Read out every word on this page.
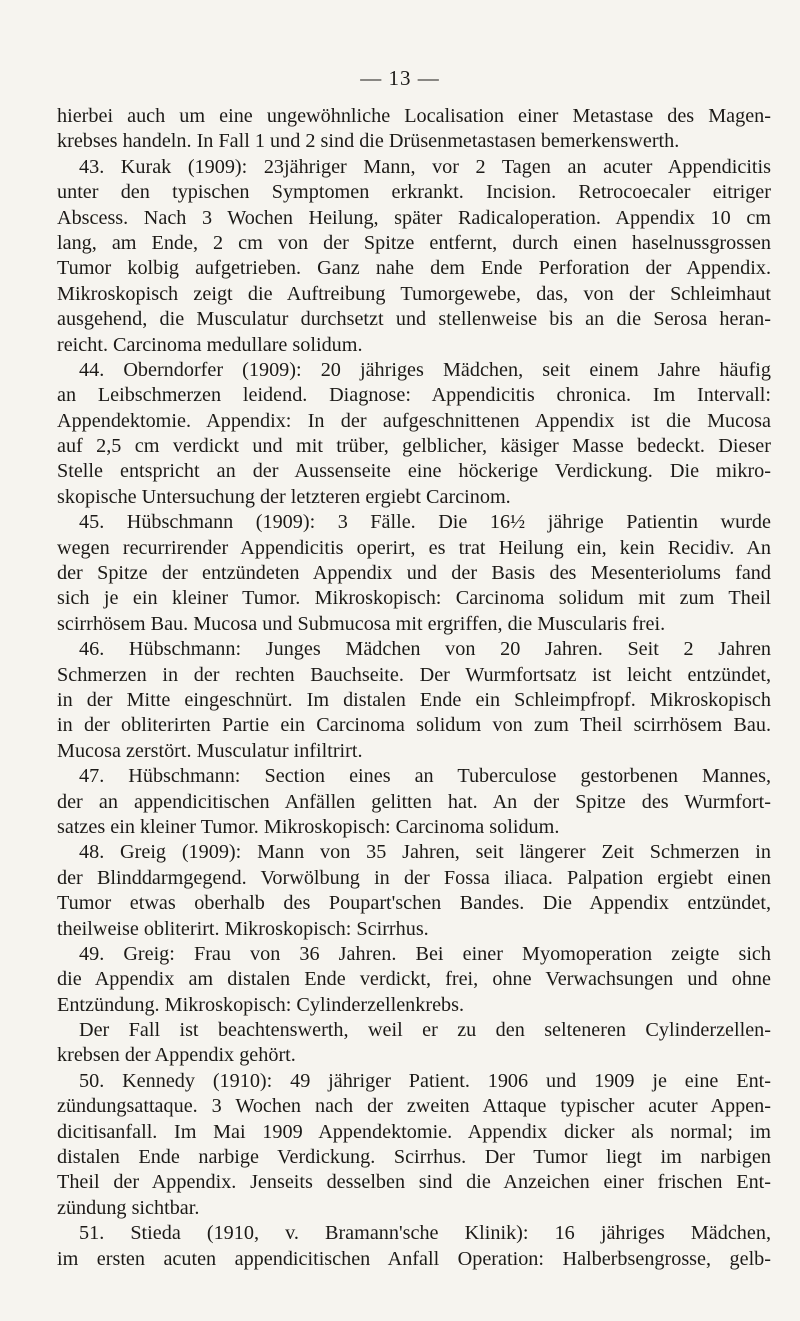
— 13 —
hierbei auch um eine ungewöhnliche Localisation einer Metastase des Magen-
krebses handeln. In Fall 1 und 2 sind die Drüsenmetastasen bemerkenswerth.
43. Kurak (1909): 23jähriger Mann, vor 2 Tagen an acuter Appendicitis
unter den typischen Symptomen erkrankt. Incision. Retrocoecaler eitriger
Abscess. Nach 3 Wochen Heilung, später Radicaloperation. Appendix 10 cm
lang, am Ende, 2 cm von der Spitze entfernt, durch einen haselnussgrossen
Tumor kolbig aufgetrieben. Ganz nahe dem Ende Perforation der Appendix.
Mikroskopisch zeigt die Auftreibung Tumorgewebe, das, von der Schleimhaut
ausgehend, die Musculatur durchsetzt und stellenweise bis an die Serosa heran-
reicht. Carcinoma medullare solidum.
44. Oberndorfer (1909): 20 jähriges Mädchen, seit einem Jahre häufig
an Leibschmerzen leidend. Diagnose: Appendicitis chronica. Im Intervall:
Appendektomie. Appendix: In der aufgeschnittenen Appendix ist die Mucosa
auf 2,5 cm verdickt und mit trüber, gelblicher, käsiger Masse bedeckt. Dieser
Stelle entspricht an der Aussenseite eine höckerige Verdickung. Die mikro-
skopische Untersuchung der letzteren ergiebt Carcinom.
45. Hübschmann (1909): 3 Fälle. Die 16½ jährige Patientin wurde
wegen recurrirender Appendicitis operirt, es trat Heilung ein, kein Recidiv. An
der Spitze der entzündeten Appendix und der Basis des Mesenteriolums fand
sich je ein kleiner Tumor. Mikroskopisch: Carcinoma solidum mit zum Theil
scirrhösem Bau. Mucosa und Submucosa mit ergriffen, die Muscularis frei.
46. Hübschmann: Junges Mädchen von 20 Jahren. Seit 2 Jahren
Schmerzen in der rechten Bauchseite. Der Wurmfortsatz ist leicht entzündet,
in der Mitte eingeschnürt. Im distalen Ende ein Schleimpfropf. Mikroskopisch
in der obliterirten Partie ein Carcinoma solidum von zum Theil scirrhösem Bau.
Mucosa zerstört. Musculatur infiltrirt.
47. Hübschmann: Section eines an Tuberculose gestorbenen Mannes,
der an appendicitischen Anfällen gelitten hat. An der Spitze des Wurmfort-
satzes ein kleiner Tumor. Mikroskopisch: Carcinoma solidum.
48. Greig (1909): Mann von 35 Jahren, seit längerer Zeit Schmerzen in
der Blinddarmgegend. Vorwölbung in der Fossa iliaca. Palpation ergiebt einen
Tumor etwas oberhalb des Poupart'schen Bandes. Die Appendix entzündet,
theilweise obliterirt. Mikroskopisch: Scirrhus.
49. Greig: Frau von 36 Jahren. Bei einer Myomoperation zeigte sich
die Appendix am distalen Ende verdickt, frei, ohne Verwachsungen und ohne
Entzündung. Mikroskopisch: Cylinderzellenkrebs.
Der Fall ist beachtenswerth, weil er zu den selteneren Cylinderzellen-
krebsen der Appendix gehört.
50. Kennedy (1910): 49 jähriger Patient. 1906 und 1909 je eine Ent-
zündungsattaque. 3 Wochen nach der zweiten Attaque typischer acuter Appen-
dicitisanfall. Im Mai 1909 Appendektomie. Appendix dicker als normal; im
distalen Ende narbige Verdickung. Scirrhus. Der Tumor liegt im narbigen
Theil der Appendix. Jenseits desselben sind die Anzeichen einer frischen Ent-
zündung sichtbar.
51. Stieda (1910, v. Bramann'sche Klinik): 16 jähriges Mädchen,
im ersten acuten appendicitischen Anfall Operation: Halberbsengrosse, gelb-
